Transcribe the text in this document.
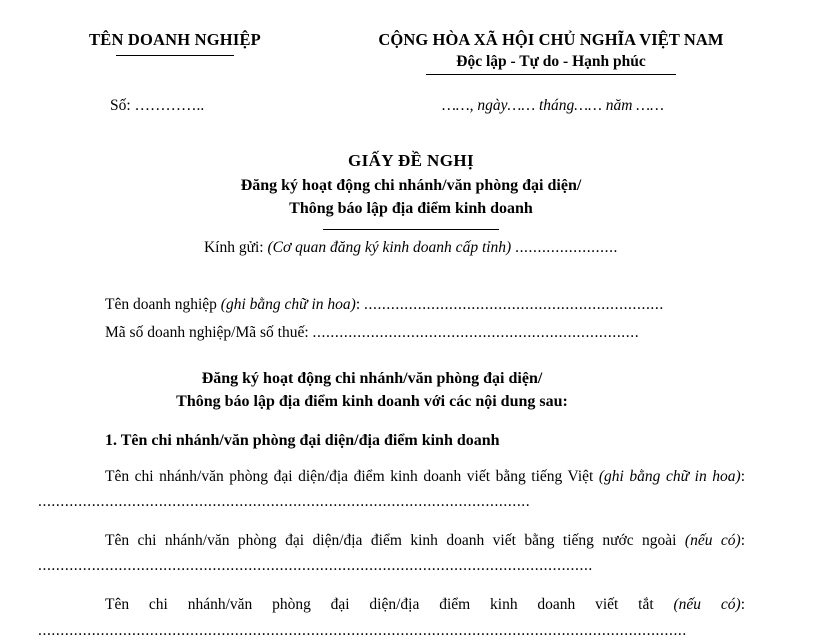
TÊN DOANH NGHIỆP	CỘNG HÒA XÃ HỘI CHỦ NGHĨA VIỆT NAM
Độc lập - Tự do - Hạnh phúc
Số: …………..	……, ngày…… tháng…… năm ……
GIẤY ĐỀ NGHỊ
Đăng ký hoạt động chi nhánh/văn phòng đại diện/
Thông báo lập địa điểm kinh doanh
Kính gửi: (Cơ quan đăng ký kinh doanh cấp tỉnh) .......................
Tên doanh nghiệp (ghi bằng chữ in hoa): ...................................................................
Mã số doanh nghiệp/Mã số thuế: .........................................................................
Đăng ký hoạt động chi nhánh/văn phòng đại diện/
Thông báo lập địa điểm kinh doanh với các nội dung sau:
1. Tên chi nhánh/văn phòng đại diện/địa điểm kinh doanh
Tên chi nhánh/văn phòng đại diện/địa điểm kinh doanh viết bằng tiếng Việt (ghi bằng chữ in hoa): ..............................................................................................................
Tên chi nhánh/văn phòng đại diện/địa điểm kinh doanh viết bằng tiếng nước ngoài (nếu có): ............................................................................................................................
Tên chi nhánh/văn phòng đại diện/địa điểm kinh doanh viết tắt (nếu có): .................................................................................................................................................
